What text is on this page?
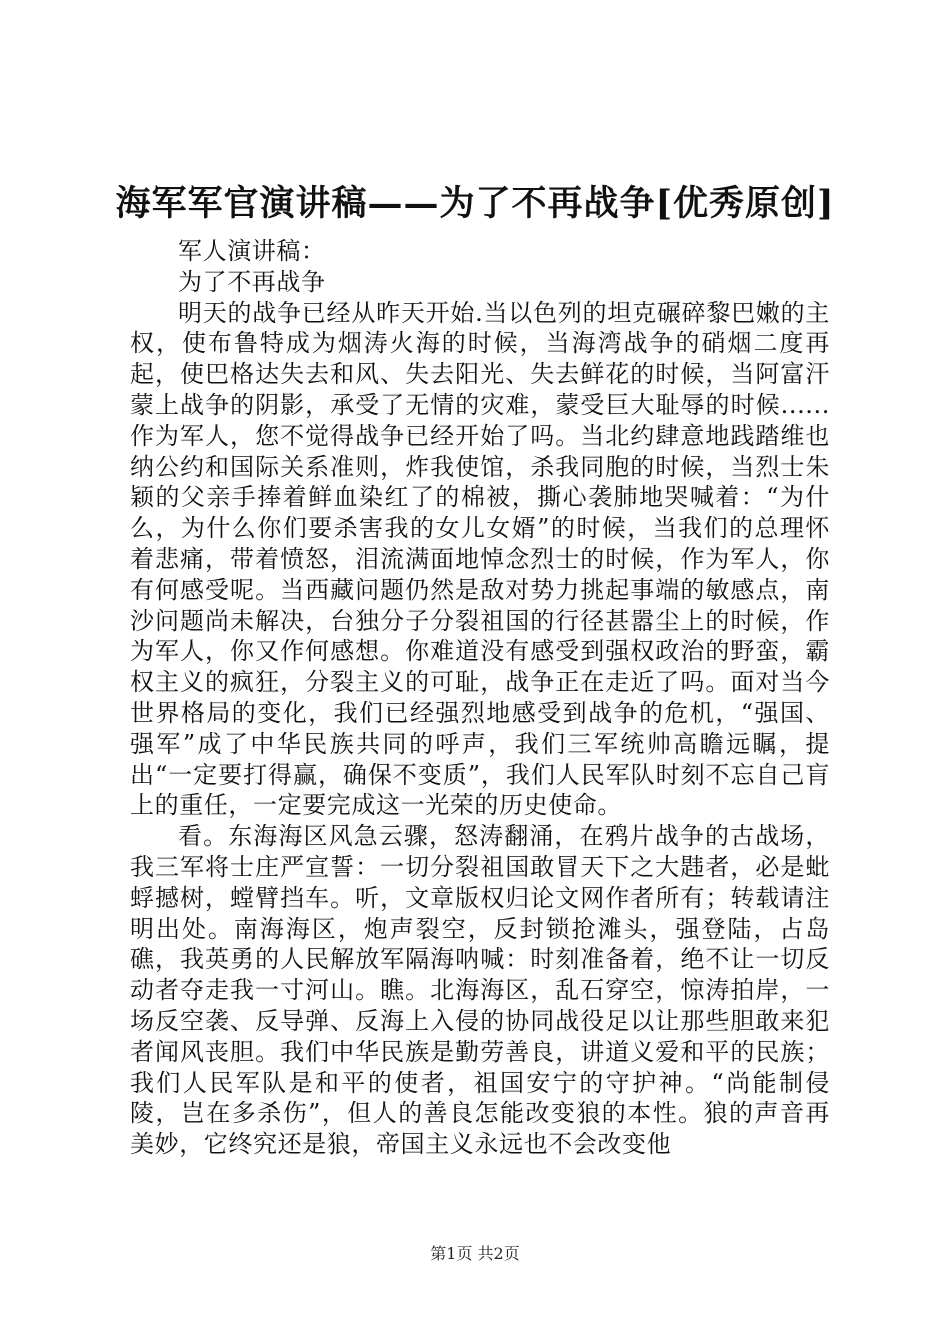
海军军官演讲稿——为了不再战争[优秀原创]

军人演讲稿：

为了不再战争

明天的战争已经从昨天开始.当以色列的坦克碾碎黎巴嫩的主权，使布鲁特成为烟涛火海的时候，当海湾战争的硝烟二度再起，使巴格达失去和风、失去阳光、失去鲜花的时候，当阿富汗蒙上战争的阴影，承受了无情的灾难，蒙受巨大耻辱的时候......作为军人，您不觉得战争已经开始了吗。当北约肆意地践踏维也纳公约和国际关系准则，炸我使馆，杀我同胞的时候，当烈士朱颖的父亲手捧着鲜血染红了的棉被，撕心袭肺地哭喊着：“为什么，为什么你们要杀害我的女儿女婿”的时候，当我们的总理怀着悲痛，带着愤怒，泪流满面地悼念烈士的时候，作为军人，你有何感受呢。当西藏问题仍然是敌对势力挑起事端的敏感点，南沙问题尚未解决，台独分子分裂祖国的行径甚嚣尘上的时候，作为军人，你又作何感想。你难道没有感受到强权政治的野蛮，霸权主义的疯狂，分裂主义的可耻，战争正在走近了吗。面对当今世界格局的变化，我们已经强烈地感受到战争的危机，“强国、强军”成了中华民族共同的呼声，我们三军统帅高瞻远瞩，提出“一定要打得赢，确保不变质”，我们人民军队时刻不忘自己肓上的重任，一定要完成这一光荣的历史使命。

看。东海海区风急云骤，怒涛翻涌，在鸦片战争的古战场，我三军将士庄严宣誓：一切分裂祖国敢冒天下之大韪者，必是蚍蜉撼树，螳臂挡车。听，文章版权归论文网作者所有；转载请注明出处。南海海区，炮声裂空，反封锁抢滩头，强登陆，占岛礁，我英勇的人民解放军隔海呐喊：时刻准备着，绝不让一切反动者夺走我一寸河山。瞧。北海海区，乱石穿空，惊涛拍岸，一场反空袭、反导弹、反海上入侵的协同战役足以让那些胆敢来犯者闻风丧胆。我们中华民族是勤劳善良，讲道义爱和平的民族；我们人民军队是和平的使者，祖国安宁的守护神。“尚能制侵陵，岂在多杀伤”，但人的善良怎能改变狼的本性。狼的声音再美妙，它终究还是狼，帝国主义永远也不会改变他

第1页 共2页
